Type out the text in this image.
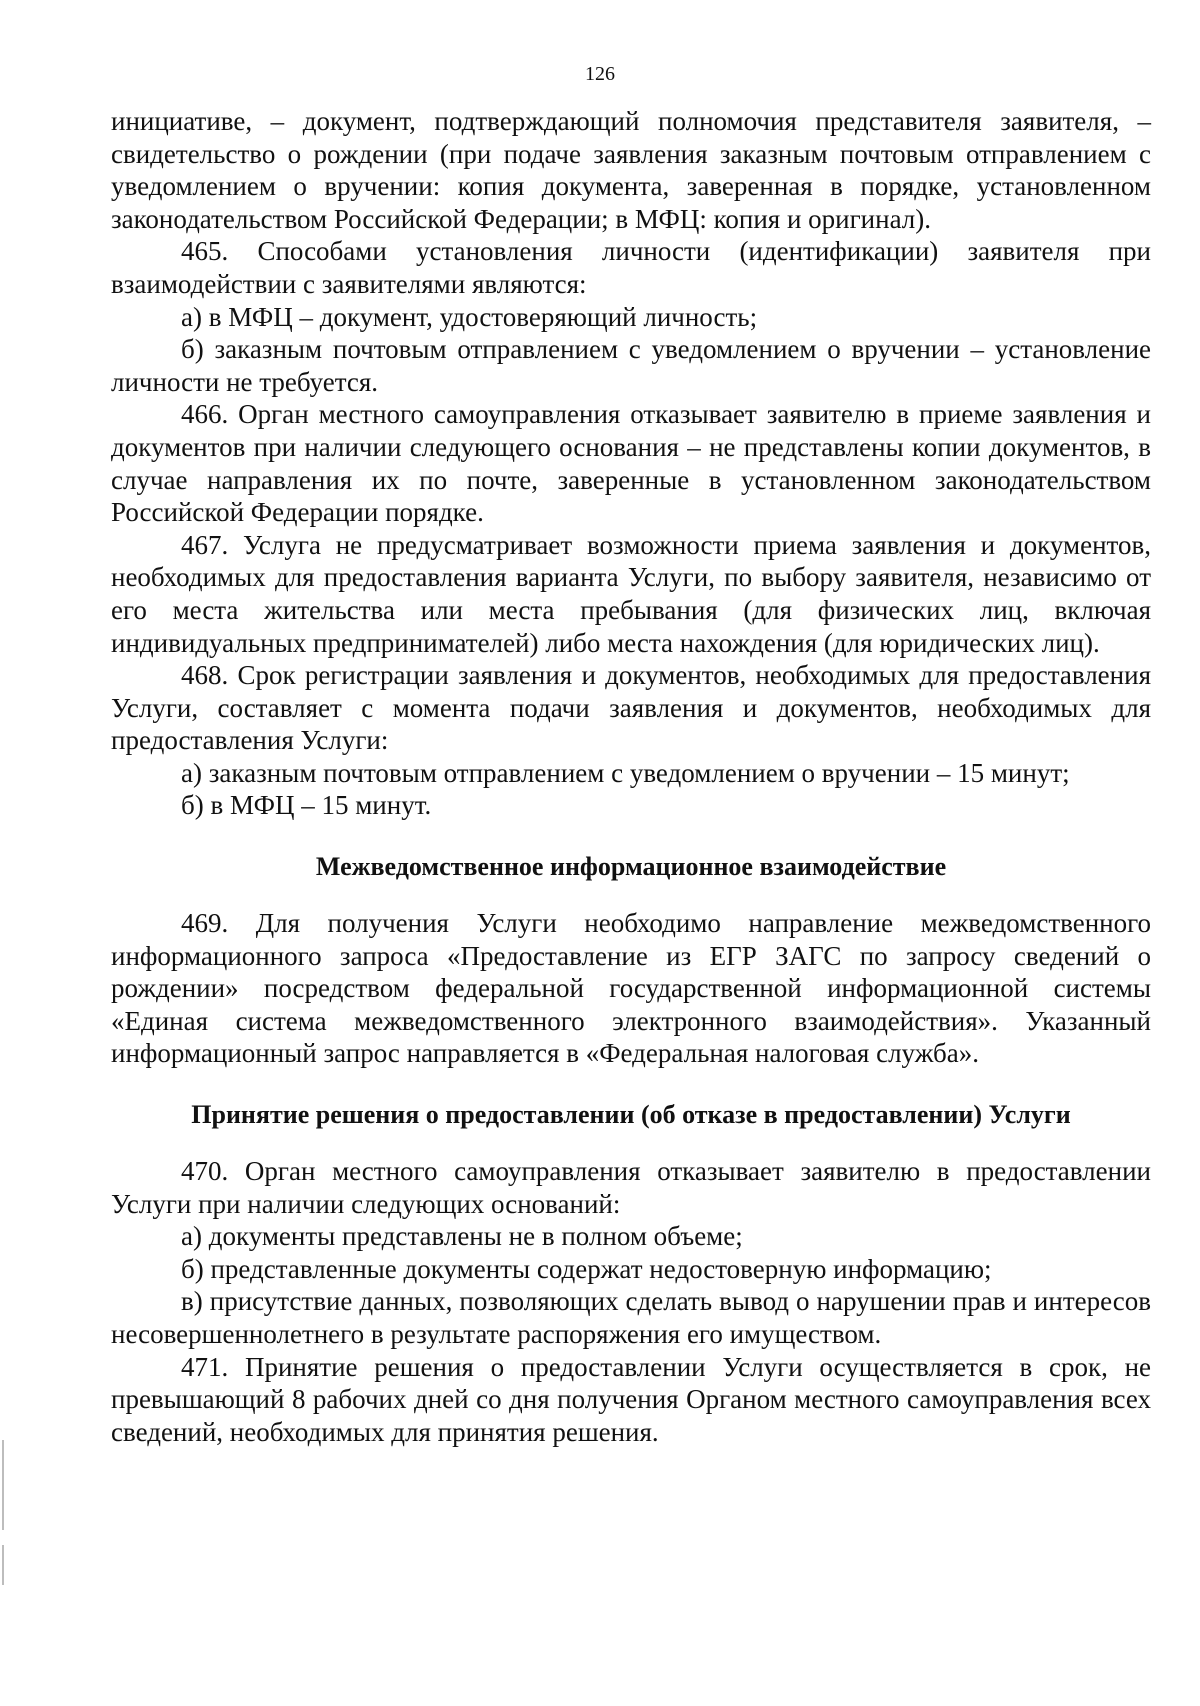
126

инициативе, – документ, подтверждающий полномочия представителя заявителя, – свидетельство о рождении (при подаче заявления заказным почтовым отправлением с уведомлением о вручении: копия документа, заверенная в порядке, установленном законодательством Российской Федерации; в МФЦ: копия и оригинал).

465. Способами установления личности (идентификации) заявителя при взаимодействии с заявителями являются:

а) в МФЦ – документ, удостоверяющий личность;

б) заказным почтовым отправлением с уведомлением о вручении – установление личности не требуется.

466. Орган местного самоуправления отказывает заявителю в приеме заявления и документов при наличии следующего основания – не представлены копии документов, в случае направления их по почте, заверенные в установленном законодательством Российской Федерации порядке.

467. Услуга не предусматривает возможности приема заявления и документов, необходимых для предоставления варианта Услуги, по выбору заявителя, независимо от его места жительства или места пребывания (для физических лиц, включая индивидуальных предпринимателей) либо места нахождения (для юридических лиц).

468. Срок регистрации заявления и документов, необходимых для предоставления Услуги, составляет с момента подачи заявления и документов, необходимых для предоставления Услуги:

а) заказным почтовым отправлением с уведомлением о вручении – 15 минут;

б) в МФЦ – 15 минут.

Межведомственное информационное взаимодействие

469. Для получения Услуги необходимо направление межведомственного информационного запроса «Предоставление из ЕГР ЗАГС по запросу сведений о рождении» посредством федеральной государственной информационной системы «Единая система межведомственного электронного взаимодействия». Указанный информационный запрос направляется в «Федеральная налоговая служба».

Принятие решения о предоставлении (об отказе в предоставлении) Услуги

470. Орган местного самоуправления отказывает заявителю в предоставлении Услуги при наличии следующих оснований:

а) документы представлены не в полном объеме;

б) представленные документы содержат недостоверную информацию;

в) присутствие данных, позволяющих сделать вывод о нарушении прав и интересов несовершеннолетнего в результате распоряжения его имуществом.

471. Принятие решения о предоставлении Услуги осуществляется в срок, не превышающий 8 рабочих дней со дня получения Органом местного самоуправления всех сведений, необходимых для принятия решения.
